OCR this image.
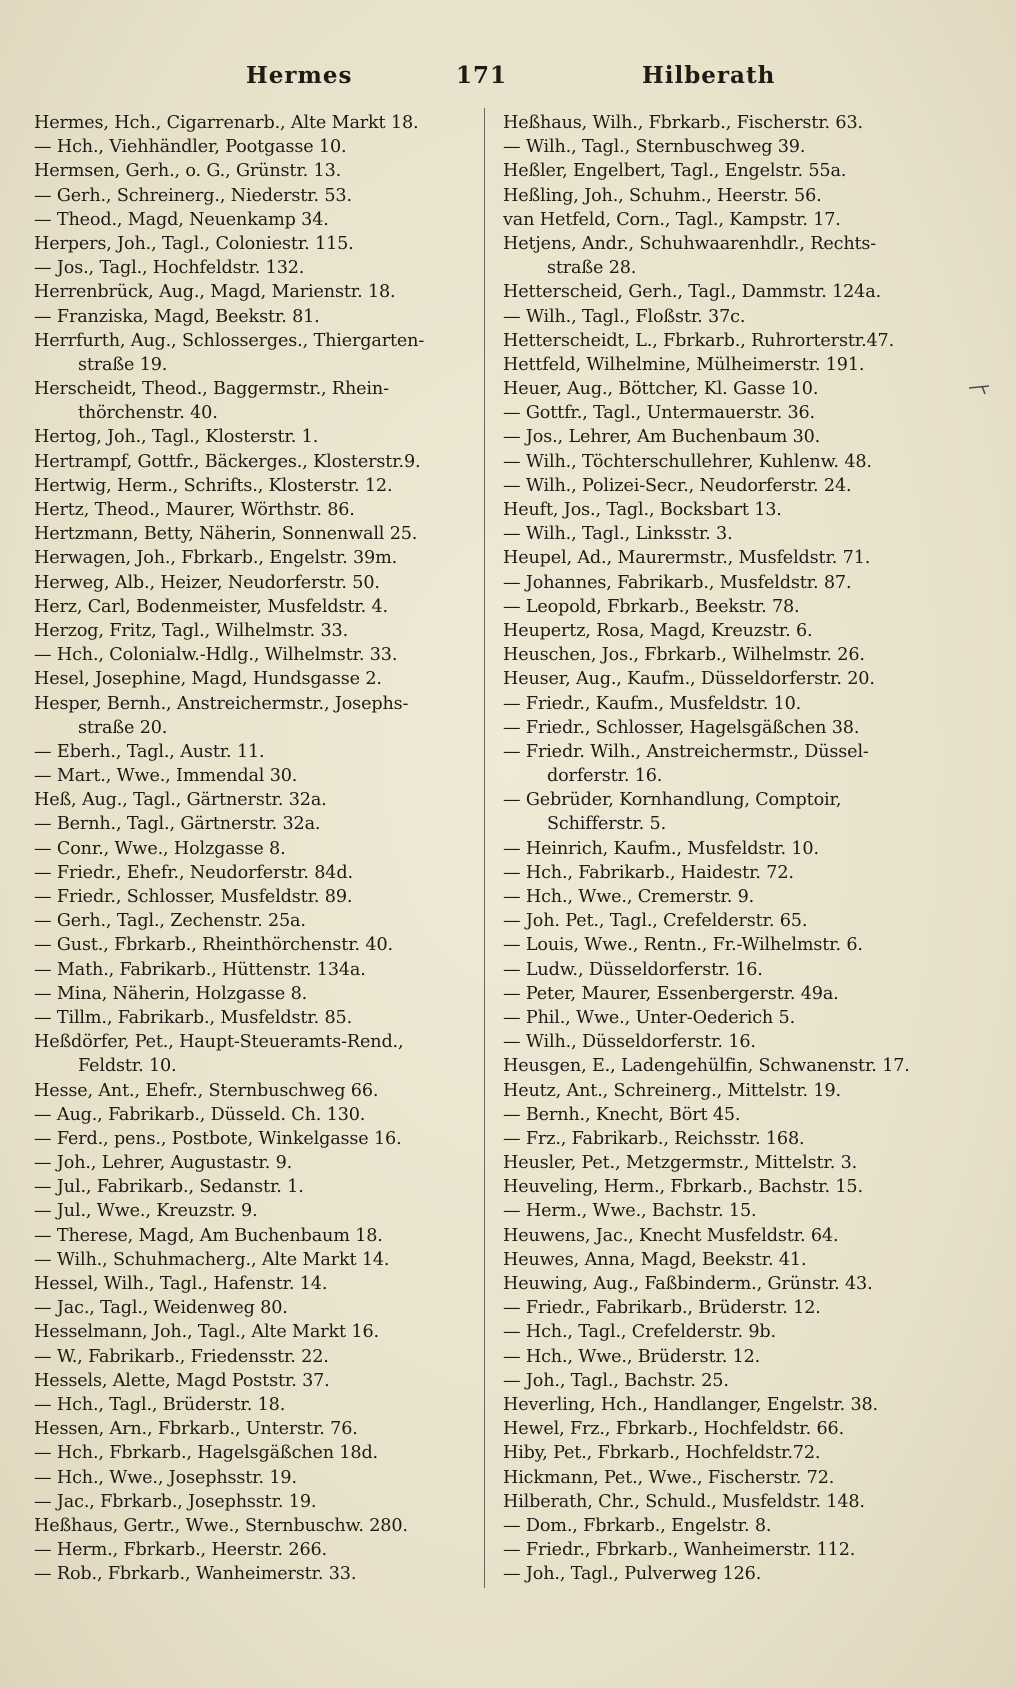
Hermes	171	Hilberath
Hermes, Hch., Cigarrenarb., Alte Markt 18.
— Hch., Viehhändler, Pootgasse 10.
Hermsen, Gerh., o. G., Grünstr. 13.
— Gerh., Schreinerg., Niederstr. 53.
— Theod., Magd, Neuenkamp 34.
Herpers, Joh., Tagl., Coloniestr. 115.
— Jos., Tagl., Hochfeldstr. 132.
Herrenbrück, Aug., Magd, Marienstr. 18.
— Franziska, Magd, Beekstr. 81.
Herrfurth, Aug., Schlosserges., Thiergarten-
straße 19.
Herscheidt, Theod., Baggermstr., Rhein-
thörchenstr. 40.
Hertog, Joh., Tagl., Klosterstr. 1.
Hertrampf, Gottfr., Bäckerges., Klosterstr.9.
Hertwig, Herm., Schrifts., Klosterstr. 12.
Hertz, Theod., Maurer, Wörthstr. 86.
Hertzmann, Betty, Näherin, Sonnenwall 25.
Herwagen, Joh., Fbrkarb., Engelstr. 39m.
Herweg, Alb., Heizer, Neudorferstr. 50.
Herz, Carl, Bodenmeister, Musfeldstr. 4.
Herzog, Fritz, Tagl., Wilhelmstr. 33.
— Hch., Colonialw.-Hdlg., Wilhelmstr. 33.
Hesel, Josephine, Magd, Hundsgasse 2.
Hesper, Bernh., Anstreichermstr., Josephs-
straße 20.
— Eberh., Tagl., Austr. 11.
— Mart., Wwe., Immendal 30.
Heß, Aug., Tagl., Gärtnerstr. 32a.
— Bernh., Tagl., Gärtnerstr. 32a.
— Conr., Wwe., Holzgasse 8.
— Friedr., Ehefr., Neudorferstr. 84d.
— Friedr., Schlosser, Musfeldstr. 89.
— Gerh., Tagl., Zechenstr. 25a.
— Gust., Fbrkarb., Rheinthörchenstr. 40.
— Math., Fabrikarb., Hüttenstr. 134a.
— Mina, Näherin, Holzgasse 8.
— Tillm., Fabrikarb., Musfeldstr. 85.
Heßdörfer, Pet., Haupt-Steueramts-Rend.,
Feldstr. 10.
Hesse, Ant., Ehefr., Sternbuschweg 66.
— Aug., Fabrikarb., Düsseld. Ch. 130.
— Ferd., pens., Postbote, Winkelgasse 16.
— Joh., Lehrer, Augustastr. 9.
— Jul., Fabrikarb., Sedanstr. 1.
— Jul., Wwe., Kreuzstr. 9.
— Therese, Magd, Am Buchenbaum 18.
— Wilh., Schuhmacherg., Alte Markt 14.
Hessel, Wilh., Tagl., Hafenstr. 14.
— Jac., Tagl., Weidenweg 80.
Hesselmann, Joh., Tagl., Alte Markt 16.
— W., Fabrikarb., Friedensstr. 22.
Hessels, Alette, Magd Poststr. 37.
— Hch., Tagl., Brüderstr. 18.
Hessen, Arn., Fbrkarb., Unterstr. 76.
— Hch., Fbrkarb., Hagelsgäßchen 18d.
— Hch., Wwe., Josephsstr. 19.
— Jac., Fbrkarb., Josephsstr. 19.
Heßhaus, Gertr., Wwe., Sternbuschw. 280.
— Herm., Fbrkarb., Heerstr. 266.
— Rob., Fbrkarb., Wanheimerstr. 33.
Heßhaus, Wilh., Fbrkarb., Fischerstr. 63.
— Wilh., Tagl., Sternbuschweg 39.
Heßler, Engelbert, Tagl., Engelstr. 55a.
Heßling, Joh., Schuhm., Heerstr. 56.
van Hetfeld, Corn., Tagl., Kampstr. 17.
Hetjens, Andr., Schuhwaarenhdlr., Rechts-
straße 28.
Hetterscheid, Gerh., Tagl., Dammstr. 124a.
— Wilh., Tagl., Floßstr. 37c.
Hetterscheidt, L., Fbrkarb., Ruhrorterstr.47.
Hettfeld, Wilhelmine, Mülheimerstr. 191.
Heuer, Aug., Böttcher, Kl. Gasse 10.
— Gottfr., Tagl., Untermauerstr. 36.
— Jos., Lehrer, Am Buchenbaum 30.
— Wilh., Töchterschullehrer, Kuhlenw. 48.
— Wilh., Polizei-Secr., Neudorferstr. 24.
Heuft, Jos., Tagl., Bocksbart 13.
— Wilh., Tagl., Linksstr. 3.
Heupel, Ad., Maurermstr., Musfeldstr. 71.
— Johannes, Fabrikarb., Musfeldstr. 87.
— Leopold, Fbrkarb., Beekstr. 78.
Heupertz, Rosa, Magd, Kreuzstr. 6.
Heuschen, Jos., Fbrkarb., Wilhelmstr. 26.
Heuser, Aug., Kaufm., Düsseldorferstr. 20.
— Friedr., Kaufm., Musfeldstr. 10.
— Friedr., Schlosser, Hagelsgäßchen 38.
— Friedr. Wilh., Anstreichermstr., Düssel-
dorferstr. 16.
— Gebrüder, Kornhandlung, Comptoir,
Schifferstr. 5.
— Heinrich, Kaufm., Musfeldstr. 10.
— Hch., Fabrikarb., Haidestr. 72.
— Hch., Wwe., Cremerstr. 9.
— Joh. Pet., Tagl., Crefelderstr. 65.
— Louis, Wwe., Rentn., Fr.-Wilhelmstr. 6.
— Ludw., Düsseldorferstr. 16.
— Peter, Maurer, Essenbergerstr. 49a.
— Phil., Wwe., Unter-Oederich 5.
— Wilh., Düsseldorferstr. 16.
Heusgen, E., Ladengehülfin, Schwanenstr. 17.
Heutz, Ant., Schreinerg., Mittelstr. 19.
— Bernh., Knecht, Bört 45.
— Frz., Fabrikarb., Reichsstr. 168.
Heusler, Pet., Metzgermstr., Mittelstr. 3.
Heuveling, Herm., Fbrkarb., Bachstr. 15.
— Herm., Wwe., Bachstr. 15.
Heuwens, Jac., Knecht Musfeldstr. 64.
Heuwes, Anna, Magd, Beekstr. 41.
Heuwing, Aug., Faßbinderm., Grünstr. 43.
— Friedr., Fabrikarb., Brüderstr. 12.
— Hch., Tagl., Crefelderstr. 9b.
— Hch., Wwe., Brüderstr. 12.
— Joh., Tagl., Bachstr. 25.
Heverling, Hch., Handlanger, Engelstr. 38.
Hewel, Frz., Fbrkarb., Hochfeldstr. 66.
Hiby, Pet., Fbrkarb., Hochfeldstr.72.
Hickmann, Pet., Wwe., Fischerstr. 72.
Hilberath, Chr., Schuld., Musfeldstr. 148.
— Dom., Fbrkarb., Engelstr. 8.
— Friedr., Fbrkarb., Wanheimerstr. 112.
— Joh., Tagl., Pulverweg 126.
